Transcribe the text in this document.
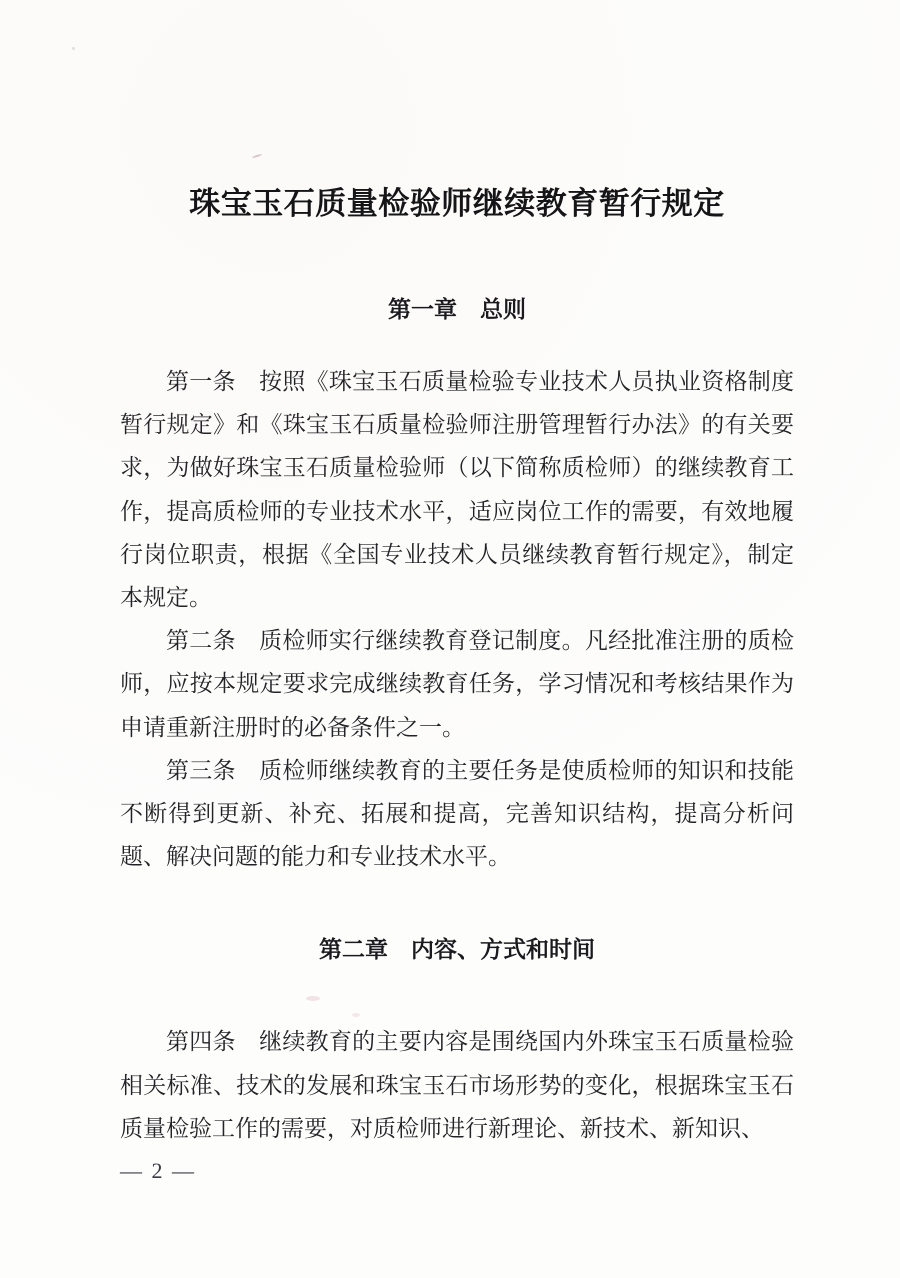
珠宝玉石质量检验师继续教育暂行规定
第一章　总则

第一条　按照《珠宝玉石质量检验专业技术人员执业资格制度暂行规定》和《珠宝玉石质量检验师注册管理暂行办法》的有关要求，为做好珠宝玉石质量检验师（以下简称质检师）的继续教育工作，提高质检师的专业技术水平，适应岗位工作的需要，有效地履行岗位职责，根据《全国专业技术人员继续教育暂行规定》，制定本规定。

第二条　质检师实行继续教育登记制度。凡经批准注册的质检师，应按本规定要求完成继续教育任务，学习情况和考核结果作为申请重新注册时的必备条件之一。

第三条　质检师继续教育的主要任务是使质检师的知识和技能不断得到更新、补充、拓展和提高，完善知识结构，提高分析问题、解决问题的能力和专业技术水平。

第二章　内容、方式和时间

第四条　继续教育的主要内容是围绕国内外珠宝玉石质量检验相关标准、技术的发展和珠宝玉石市场形势的变化，根据珠宝玉石质量检验工作的需要，对质检师进行新理论、新技术、新知识、

— 2 —
